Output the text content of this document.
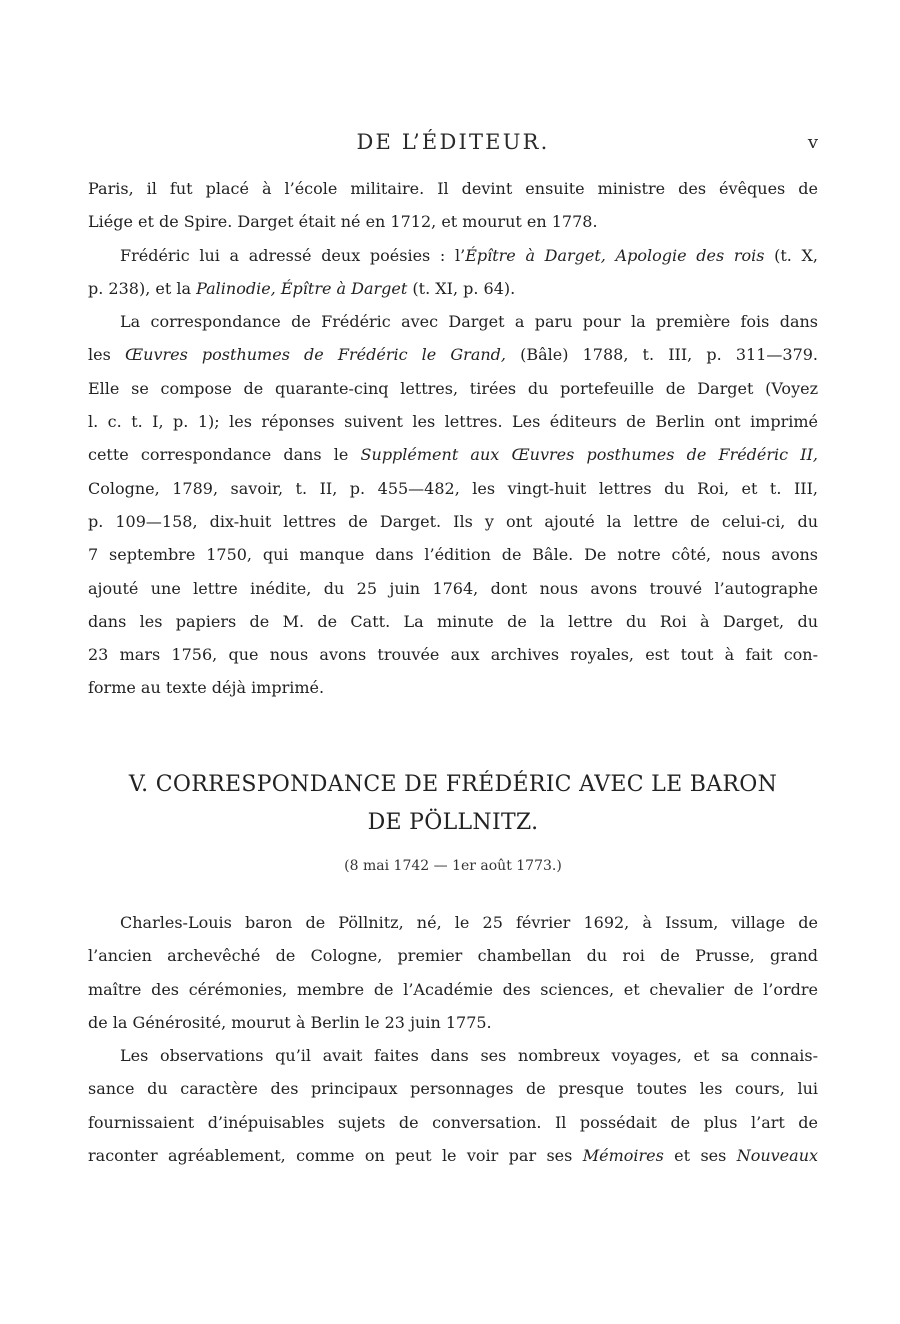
DE L’ÉDITEUR.	v

Paris, il fut placé à l’école militaire. Il devint ensuite ministre des évêques de
Liége et de Spire. Darget était né en 1712, et mourut en 1778.

Frédéric lui a adressé deux poésies : l’Épître à Darget, Apologie des rois (t. X,
p. 238), et la Palinodie, Épître à Darget (t. XI, p. 64).

La correspondance de Frédéric avec Darget a paru pour la première fois dans
les Œuvres posthumes de Frédéric le Grand, (Bâle) 1788, t. III, p. 311—379.
Elle se compose de quarante-cinq lettres, tirées du portefeuille de Darget (Voyez
l. c. t. I, p. 1); les réponses suivent les lettres. Les éditeurs de Berlin ont imprimé
cette correspondance dans le Supplément aux Œuvres posthumes de Frédéric II,
Cologne, 1789, savoir, t. II, p. 455—482, les vingt-huit lettres du Roi, et t. III,
p. 109—158, dix-huit lettres de Darget. Ils y ont ajouté la lettre de celui-ci, du
7 septembre 1750, qui manque dans l’édition de Bâle. De notre côté, nous avons
ajouté une lettre inédite, du 25 juin 1764, dont nous avons trouvé l’autographe
dans les papiers de M. de Catt. La minute de la lettre du Roi à Darget, du
23 mars 1756, que nous avons trouvée aux archives royales, est tout à fait con-
forme au texte déjà imprimé.

V. CORRESPONDANCE DE FRÉDÉRIC AVEC LE BARON
DE PÖLLNITZ.
(8 mai 1742 — 1er août 1773.)

Charles-Louis baron de Pöllnitz, né, le 25 février 1692, à Issum, village de
l’ancien archevêché de Cologne, premier chambellan du roi de Prusse, grand
maître des cérémonies, membre de l’Académie des sciences, et chevalier de l’ordre
de la Générosité, mourut à Berlin le 23 juin 1775.

Les observations qu’il avait faites dans ses nombreux voyages, et sa connais-
sance du caractère des principaux personnages de presque toutes les cours, lui
fournissaient d’inépuisables sujets de conversation. Il possédait de plus l’art de
raconter agréablement, comme on peut le voir par ses Mémoires et ses Nouveaux
